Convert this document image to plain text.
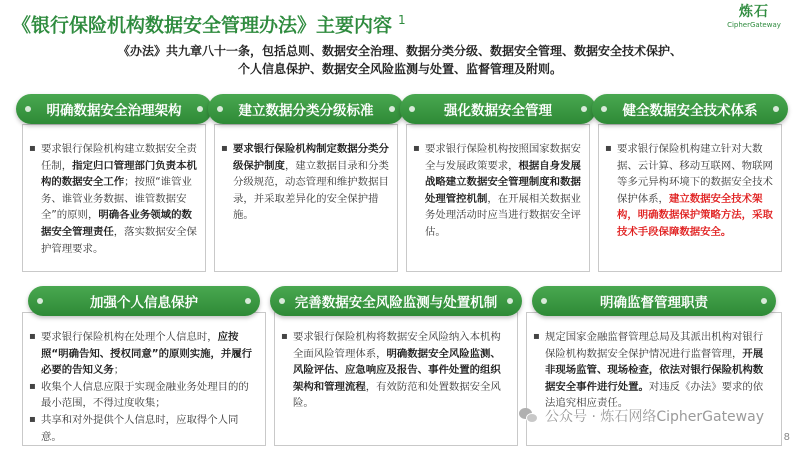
《银行保险机构数据安全管理办法》主要内容 $^1$	炼石
CipherGateway
《办法》共九章八十一条，包括总则、数据安全治理、数据分类分级、数据安全管理、数据安全技术保护、
个人信息保护、数据安全风险监测与处置、监督管理及附则。
▪ 要求银行保险机构建立数据安全责任制，指定归口管理部门负责本机构的数据安全工作；按照“谁管业务、谁管业务数据、谁管数据安全”的原则，明确各业务领域的数据安全管理责任，落实数据安全保护管理要求。
▪ 要求银行保险机构制定数据分类分级保护制度，建立数据目录和分类分级规范，动态管理和维护数据目录，并采取差异化的安全保护措施。
▪ 要求银行保险机构按照国家数据安全与发展政策要求，根据自身发展战略建立数据安全管理制度和数据处理管控机制，在开展相关数据业务处理活动时应当进行数据安全评估。
▪ 要求银行保险机构建立针对大数据、云计算、移动互联网、物联网等多元异构环境下的数据安全技术保护体系，建立数据安全技术架构，明确数据保护策略方法，采取技术手段保障数据安全。
明确数据安全治理架构	建立数据分类分级标准	强化数据安全管理	健全数据安全技术体系
▪ 要求银行保险机构在处理个人信息时，应按照“明确告知、授权同意”的原则实施，并履行必要的告知义务；
▪ 收集个人信息应限于实现金融业务处理目的的最小范围，不得过度收集；
▪ 共享和对外提供个人信息时，应取得个人同意。
▪ 要求银行保险机构将数据安全风险纳入本机构全面风险管理体系，明确数据安全风险监测、风险评估、应急响应及报告、事件处置的组织架构和管理流程，有效防范和处置数据安全风险。
▪ 规定国家金融监督管理总局及其派出机构对银行保险机构数据安全保护情况进行监督管理，开展非现场监管、现场检查，依法对银行保险机构数据安全事件进行处置。对违反《办法》要求的依法追究相应责任。
加强个人信息保护	完善数据安全风险监测与处置机制	明确监督管理职责
公众号 · 炼石网络CipherGateway
8
